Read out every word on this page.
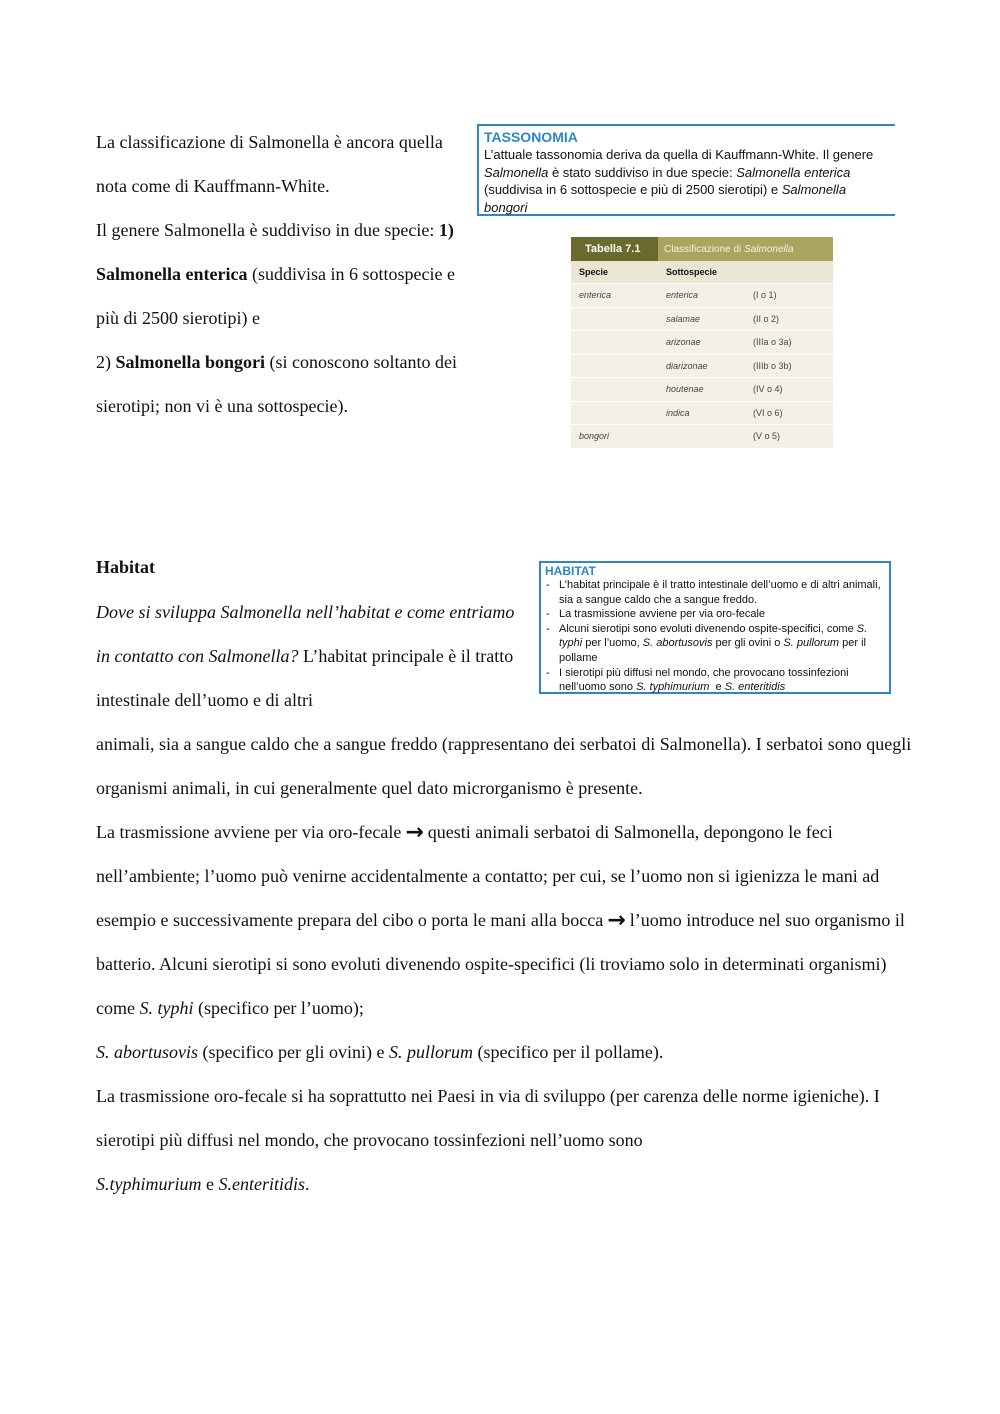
La classificazione di Salmonella è ancora quella nota come di Kauffmann-White.
Il genere Salmonella è suddiviso in due specie: 1) Salmonella enterica (suddivisa in 6 sottospecie e più di 2500 sierotipi) e
2) Salmonella bongori (si conoscono soltanto dei sierotipi; non vi è una sottospecie).

TASSONOMIA
L’attuale tassonomia deriva da quella di Kauffmann-White. Il genere Salmonella è stato suddiviso in due specie: Salmonella enterica (suddivisa in 6 sottospecie e più di 2500 sierotipi) e Salmonella bongori
Tabella 7.1	Classificazione di Salmonella	
Specie	Sottospecie	
enterica	enterica	(I o 1)
	salamae	(II o 2)
	arizonae	(IIIa o 3a)
	diarizonae	(IIIb o 3b)
	houtenae	(IV o 4)
	indica	(VI o 6)
bongori		(V o 5)
Habitat

Dove si sviluppa Salmonella nell’habitat e come entriamo in contatto con Salmonella? L’habitat principale è il tratto intestinale dell’uomo e di altri

animali, sia a sangue caldo che a sangue freddo (rappresentano dei serbatoi di Salmonella). I serbatoi sono quegli organismi animali, in cui generalmente quel dato microrganismo è presente.
La trasmissione avviene per via oro-fecale → questi animali serbatoi di Salmonella, depongono le feci nell’ambiente; l’uomo può venirne accidentalmente a contatto; per cui, se l’uomo non si igienizza le mani ad esempio e successivamente prepara del cibo o porta le mani alla bocca → l’uomo introduce nel suo organismo il batterio. Alcuni sierotipi si sono evoluti divenendo ospite-specifici (li troviamo solo in determinati organismi) come S. typhi (specifico per l’uomo);
S. abortusovis (specifico per gli ovini) e S. pullorum (specifico per il pollame).
La trasmissione oro-fecale si ha soprattutto nei Paesi in via di sviluppo (per carenza delle norme igieniche). I sierotipi più diffusi nel mondo, che provocano tossinfezioni nell’uomo sono
S.typhimurium e S.enteritidis.

HABITAT
- L’habitat principale è il tratto intestinale dell’uomo e di altri animali, sia a sangue caldo che a sangue freddo.
- La trasmissione avviene per via oro-fecale
- Alcuni sierotipi sono evoluti divenendo ospite-specifici, come S. typhi per l’uomo, S. abortusovis per gli ovini o S. pullorum per il pollame
- I sierotipi più diffusi nel mondo, che provocano tossinfezioni nell’uomo sono S. typhimurium  e S. enteritidis
